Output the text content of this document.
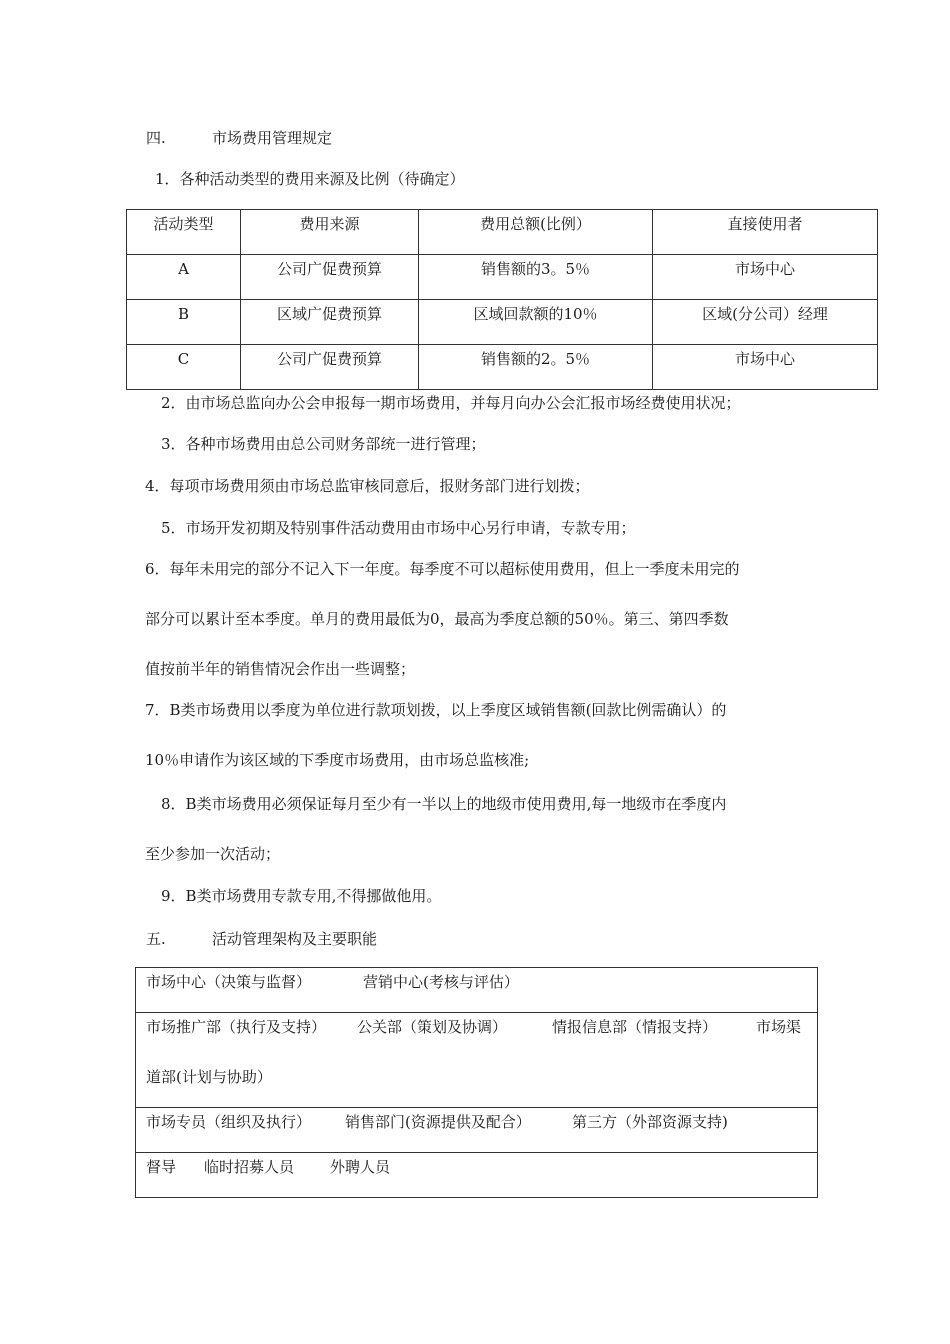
四.	市场费用管理规定
1．各种活动类型的费用来源及比例（待确定）
活动类型	费用来源	费用总额(比例）	直接使用者

A	公司广促费预算	销售额的3。5％	市场中心

B	区域广促费预算	区域回款额的10％	区域(分公司）经理

C	公司广促费预算	销售额的2。5％	市场中心
2．由市场总监向办公会申报每一期市场费用，并每月向办公会汇报市场经费使用状况；
3．各种市场费用由总公司财务部统一进行管理；
4．每项市场费用须由市场总监审核同意后，报财务部门进行划拨；
5．市场开发初期及特别事件活动费用由市场中心另行申请，专款专用；
6．每年未用完的部分不记入下一年度。每季度不可以超标使用费用，但上一季度未用完的
部分可以累计至本季度。单月的费用最低为0，最高为季度总额的50％。第三、第四季数
值按前半年的销售情况会作出一些调整；
7．B类市场费用以季度为单位进行款项划拨，以上季度区域销售额(回款比例需确认）的
10％申请作为该区域的下季度市场费用，由市场总监核准;
8．B类市场费用必须保证每月至少有一半以上的地级市使用费用,每一地级市在季度内
至少参加一次活动；
9．B类市场费用专款专用,不得挪做他用。
五.	活动管理架构及主要职能
市场中心（决策与监督）	营销中心(考核与评估）
市场推广部（执行及支持） 公关部（策划及协调）	情报信息部（情报支持）	市场渠
道部(计划与协助）
市场专员（组织及执行） 销售部门(资源提供及配合）	第三方（外部资源支持)
督导 临时招募人员 外聘人员
